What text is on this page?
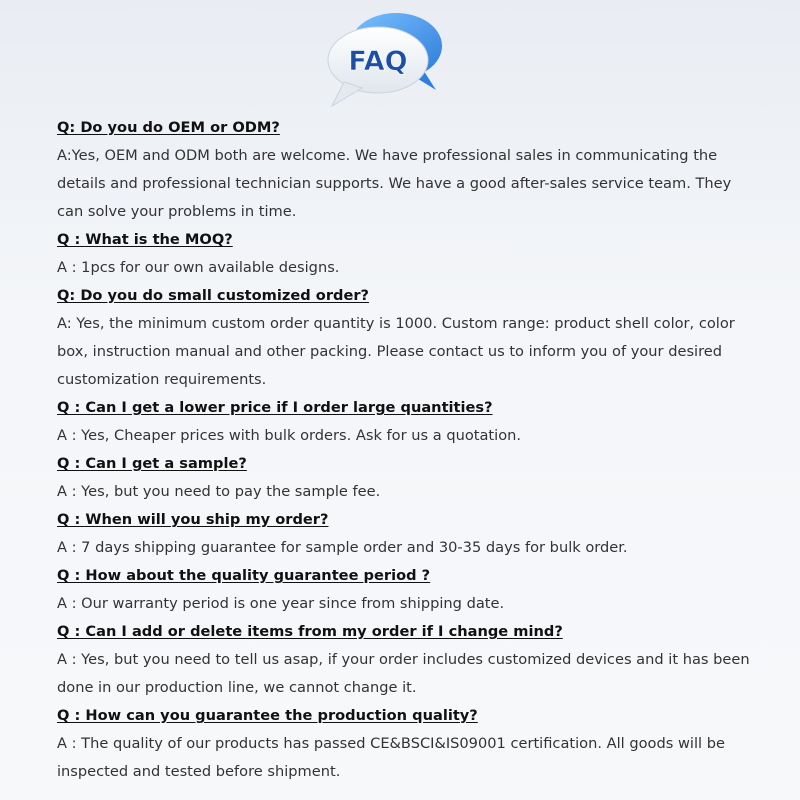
FAQ
Q: Do you do OEM or ODM?
A:Yes, OEM and ODM both are welcome. We have professional sales in communicating the details and professional technician supports. We have a good after-sales service team. They can solve your problems in time.
Q : What is the MOQ?
A : 1pcs for our own available designs.
Q: Do you do small customized order?
A: Yes, the minimum custom order quantity is 1000. Custom range: product shell color, color box, instruction manual and other packing. Please contact us to inform you of your desired customization requirements.
Q : Can I get a lower price if I order large quantities?
A : Yes, Cheaper prices with bulk orders. Ask for us a quotation.
Q : Can I get a sample?
A : Yes, but you need to pay the sample fee.
Q : When will you ship my order?
A : 7 days shipping guarantee for sample order and 30-35 days for bulk order.
Q : How about the quality guarantee period ?
A : Our warranty period is one year since from shipping date.
Q : Can I add or delete items from my order if I change mind?
A : Yes, but you need to tell us asap, if your order includes customized devices and it has been done in our production line, we cannot change it.
Q : How can you guarantee the production quality?
A : The quality of our products has passed CE&BSCI&IS09001 certification. All goods will be inspected and tested before shipment.
